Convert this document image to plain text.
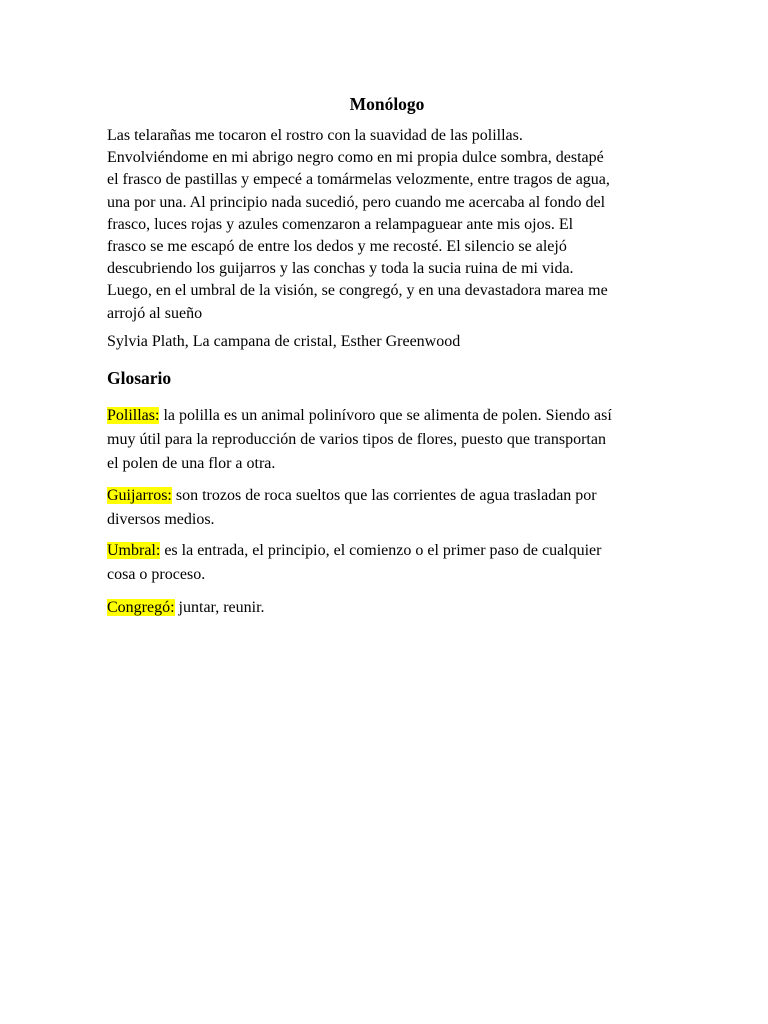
Monólogo
Las telarañas me tocaron el rostro con la suavidad de las polillas.
Envolviéndome en mi abrigo negro como en mi propia dulce sombra, destapé
el frasco de pastillas y empecé a tomármelas velozmente, entre tragos de agua,
una por una. Al principio nada sucedió, pero cuando me acercaba al fondo del
frasco, luces rojas y azules comenzaron a relampaguear ante mis ojos. El
frasco se me escapó de entre los dedos y me recosté. El silencio se alejó
descubriendo los guijarros y las conchas y toda la sucia ruina de mi vida.
Luego, en el umbral de la visión, se congregó, y en una devastadora marea me
arrojó al sueño
Sylvia Plath, La campana de cristal, Esther Greenwood
Glosario
Polillas: la polilla es un animal polinívoro que se alimenta de polen. Siendo así
muy útil para la reproducción de varios tipos de flores, puesto que transportan
el polen de una flor a otra.
Guijarros: son trozos de roca sueltos que las corrientes de agua trasladan por
diversos medios.
Umbral: es la entrada, el principio, el comienzo o el primer paso de cualquier
cosa o proceso.
Congregó: juntar, reunir.
